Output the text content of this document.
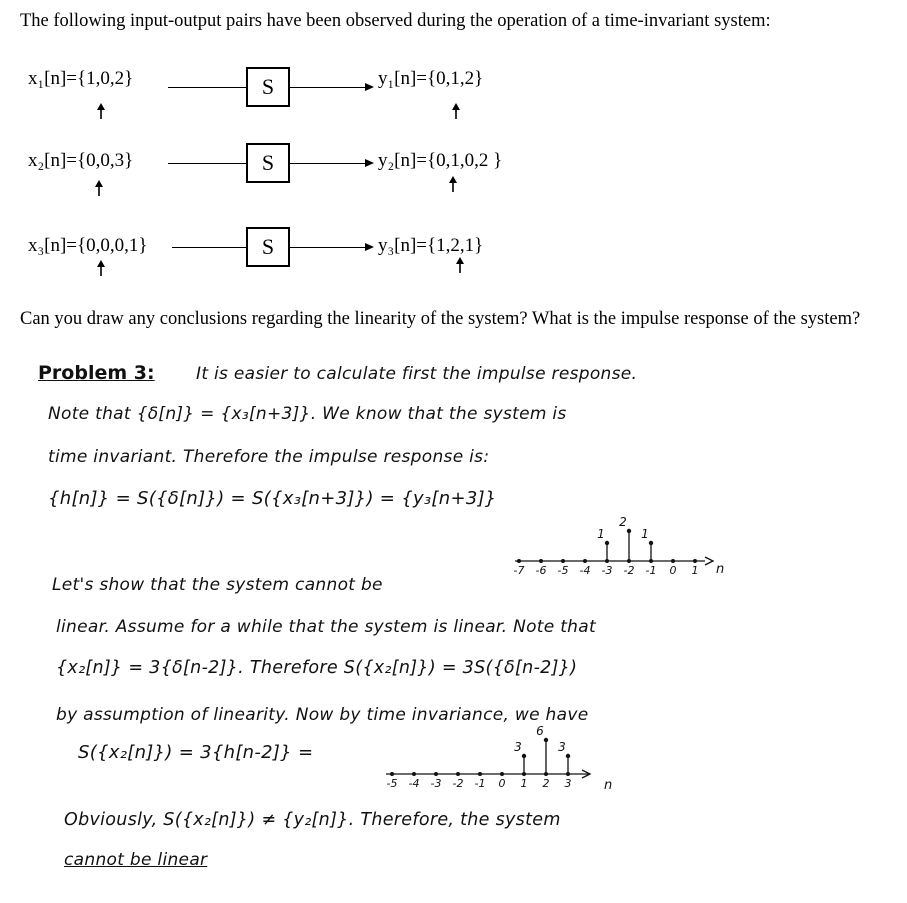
The following input-output pairs have been observed during the operation of a time-invariant system:
x₁[n]={1,0,2}	S	y₁[n]={0,1,2}
x₂[n]={0,0,3}	S	y₂[n]={0,1,0,2 }
x₃[n]={0,0,0,1}	S	y₃[n]={1,2,1}
Can you draw any conclusions regarding the linearity of the system? What is the impulse response of the system?
Problem 3: It is easier to calculate first the impulse response.
Note that {δ[n]} = {x₃[n+3]}. We know that the system is
time invariant. Therefore the impulse response is:
{h[n]} = S({δ[n]}) = S({x₃[n+3]}) = {y₃[n+3]}
1
2
1
-7 -6 -5 -4 -3 -2 -1 0 1 n
Let's show that the system cannot be
linear. Assume for a while that the system is linear. Note that
{x₂[n]} = 3{δ[n-2]}. Therefore S({x₂[n]}) = 3S({δ[n-2]})
by assumption of linearity. Now by time invariance, we have
S({x₂[n]}) = 3{h[n-2]} =	3
6
3
-5 -4 -3 -2 -1 0 1 2 3	n
Obviously, S({x₂[n]}) ≠ {y₂[n]}. Therefore, the system
cannot be linear
